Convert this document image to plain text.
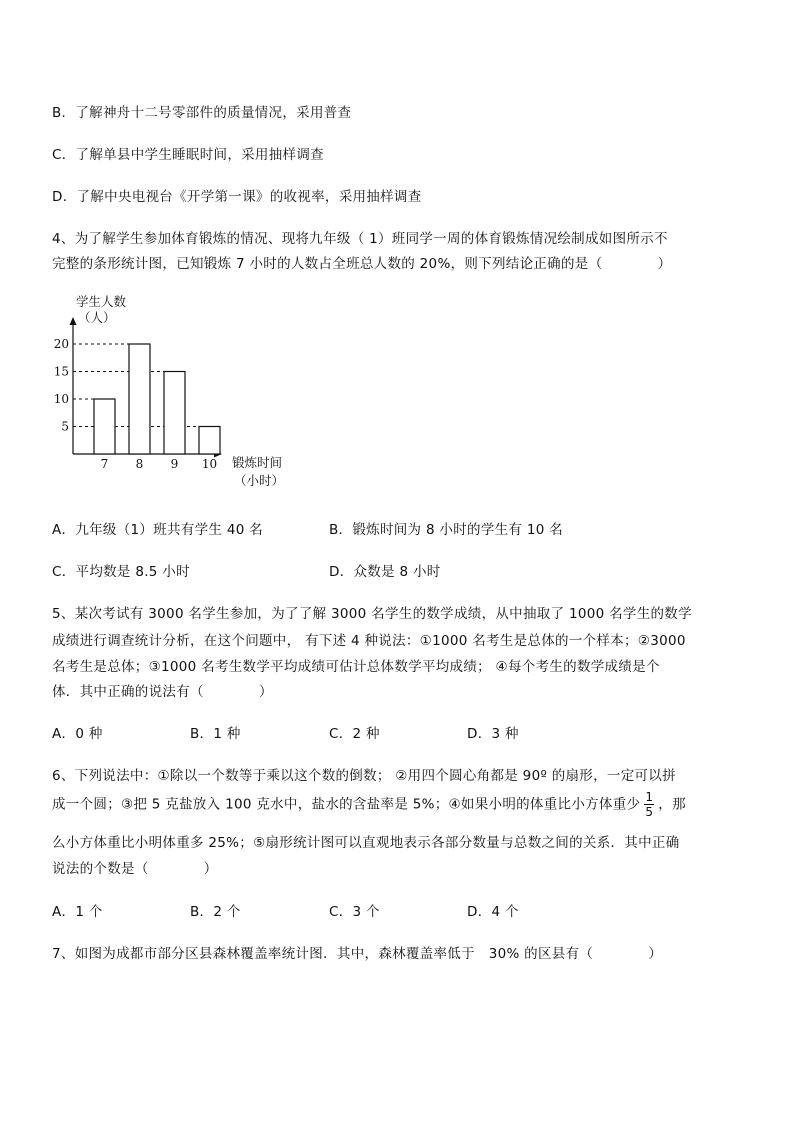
B．了解神舟十二号零部件的质量情况，采用普查
C．了解单县中学生睡眠时间，采用抽样调查
D．了解中央电视台《开学第一课》的收视率，采用抽样调查
4、为了解学生参加体育锻炼的情况、现将九年级（ 1）班同学一周的体育锻炼情况绘制成如图所示不
完整的条形统计图，已知锻炼 7 小时的人数占全班总人数的 20%，则下列结论正确的是（　　　　）
学生人数
（人）
锻炼时间
（小时）
7 8 9 10
5
10
15
20
A．九年级（1）班共有学生 40 名	B．锻炼时间为 8 小时的学生有 10 名
C．平均数是 8.5 小时	D．众数是 8 小时
5、某次考试有 3000 名学生参加，为了了解 3000 名学生的数学成绩，从中抽取了 1000 名学生的数学
成绩进行调查统计分析，在这个问题中， 有下述 4 种说法：①1000 名考生是总体的一个样本；②3000
名考生是总体；③1000 名考生数学平均成绩可估计总体数学平均成绩； ④每个考生的数学成绩是个
体．其中正确的说法有（　　　　）
A．0 种	B．1 种	C．2 种	D．3 种
6、下列说法中：①除以一个数等于乘以这个数的倒数； ②用四个圆心角都是 90º 的扇形，一定可以拼
成一个圆；③把 5 克盐放入 100 克水中，盐水的含盐率是 5%；④如果小明的体重比小方体重少 $\frac{1}{5}$ ，那
么小方体重比小明体重多 25%；⑤扇形统计图可以直观地表示各部分数量与总数之间的关系．其中正确
说法的个数是（　　　　）
A．1 个	B．2 个	C．3 个	D．4 个
7、如图为成都市部分区县森林覆盖率统计图．其中，森林覆盖率低于　30% 的区县有（　　　　）
